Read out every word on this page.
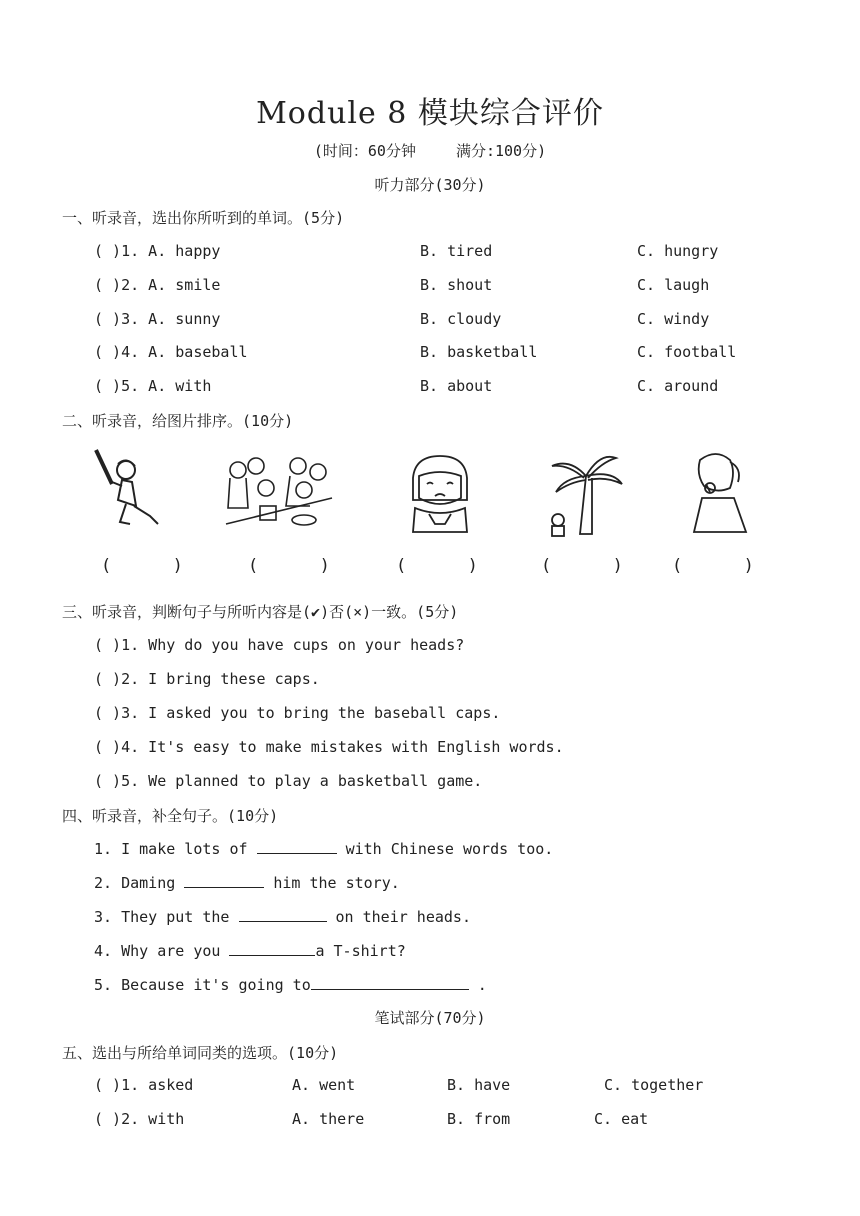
Module 8 模块综合评价
(时间：60分钟	满分:100分)
听力部分(30分)
一、听录音，选出你所听到的单词。(5分)
( )1. A. happy	B. tired	C. hungry
( )2. A. smile	B. shout	C. laugh
( )3. A. sunny	B. cloudy	C. windy
( )4. A. baseball	B. basketball	C. football
( )5. A. with	B. about	C. around
二、听录音，给图片排序。(10分)
(      )	(      )	(      )	(      )	(      )
三、听录音，判断句子与所听内容是(✔)否(×)一致。(5分)
( )1. Why do you have cups on your heads?
( )2. I bring these caps.
( )3. I asked you to bring the baseball caps.
( )4. It's easy to make mistakes with English words.
( )5. We planned to play a basketball game.
四、听录音，补全句子。(10分)
1. I make lots of	with Chinese words too.
2. Daming	him the story.
3. They put the	on their heads.
4. Why are you	a T-shirt?
5. Because it's going to	.
笔试部分(70分)
五、选出与所给单词同类的选项。(10分)
( )1. asked	A. went	B. have	C. together
( )2. with	A. there	B. from	C. eat
